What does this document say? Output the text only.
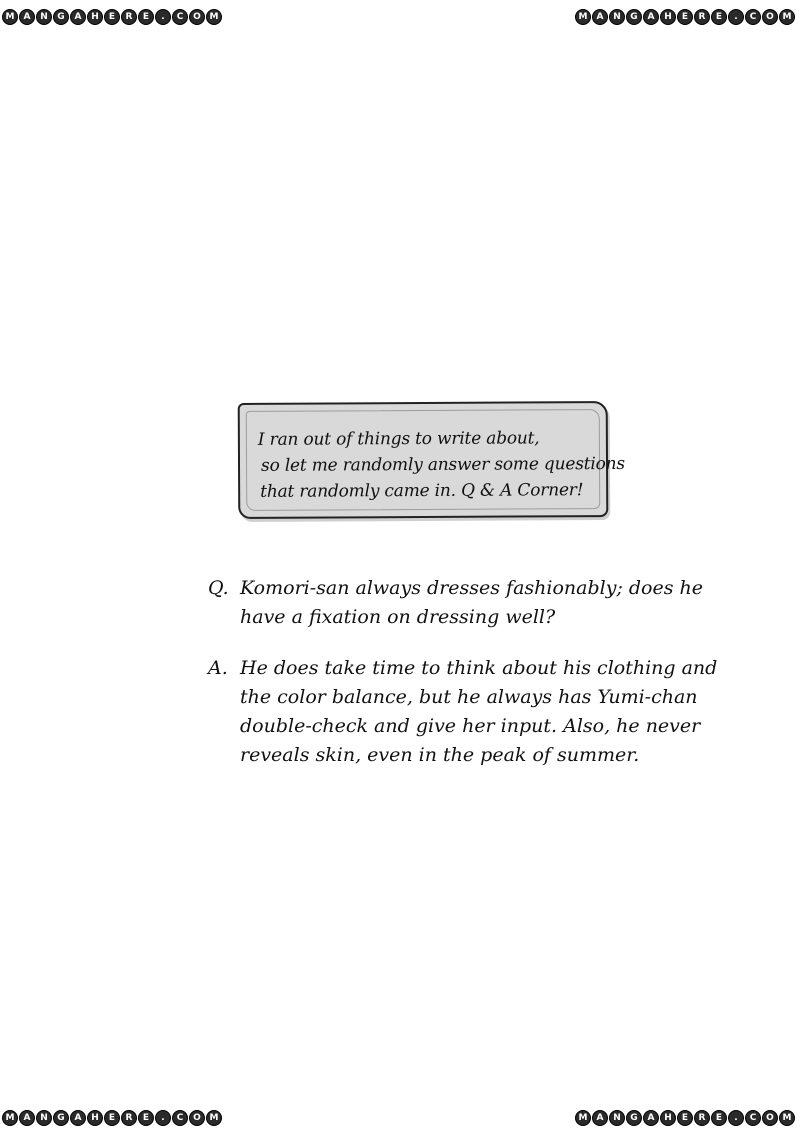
M	A	N	G	A	H	E	R	E	.	C	O M	M	A	N	G	A	H	E	R	E	.	C	O M
M	A	N	G	A	H	E	R	E	.	C	O M	M	A	N	G	A	H	E	R	E	.	C	O M
I ran out of things to write about,
so let me randomly answer some questions
that randomly came in. Q & A Corner!
Q. Komori-san always dresses fashionably; does he
have a fixation on dressing well?
A. He does take time to think about his clothing and
the color balance, but he always has Yumi-chan
double-check and give her input. Also, he never
reveals skin, even in the peak of summer.
